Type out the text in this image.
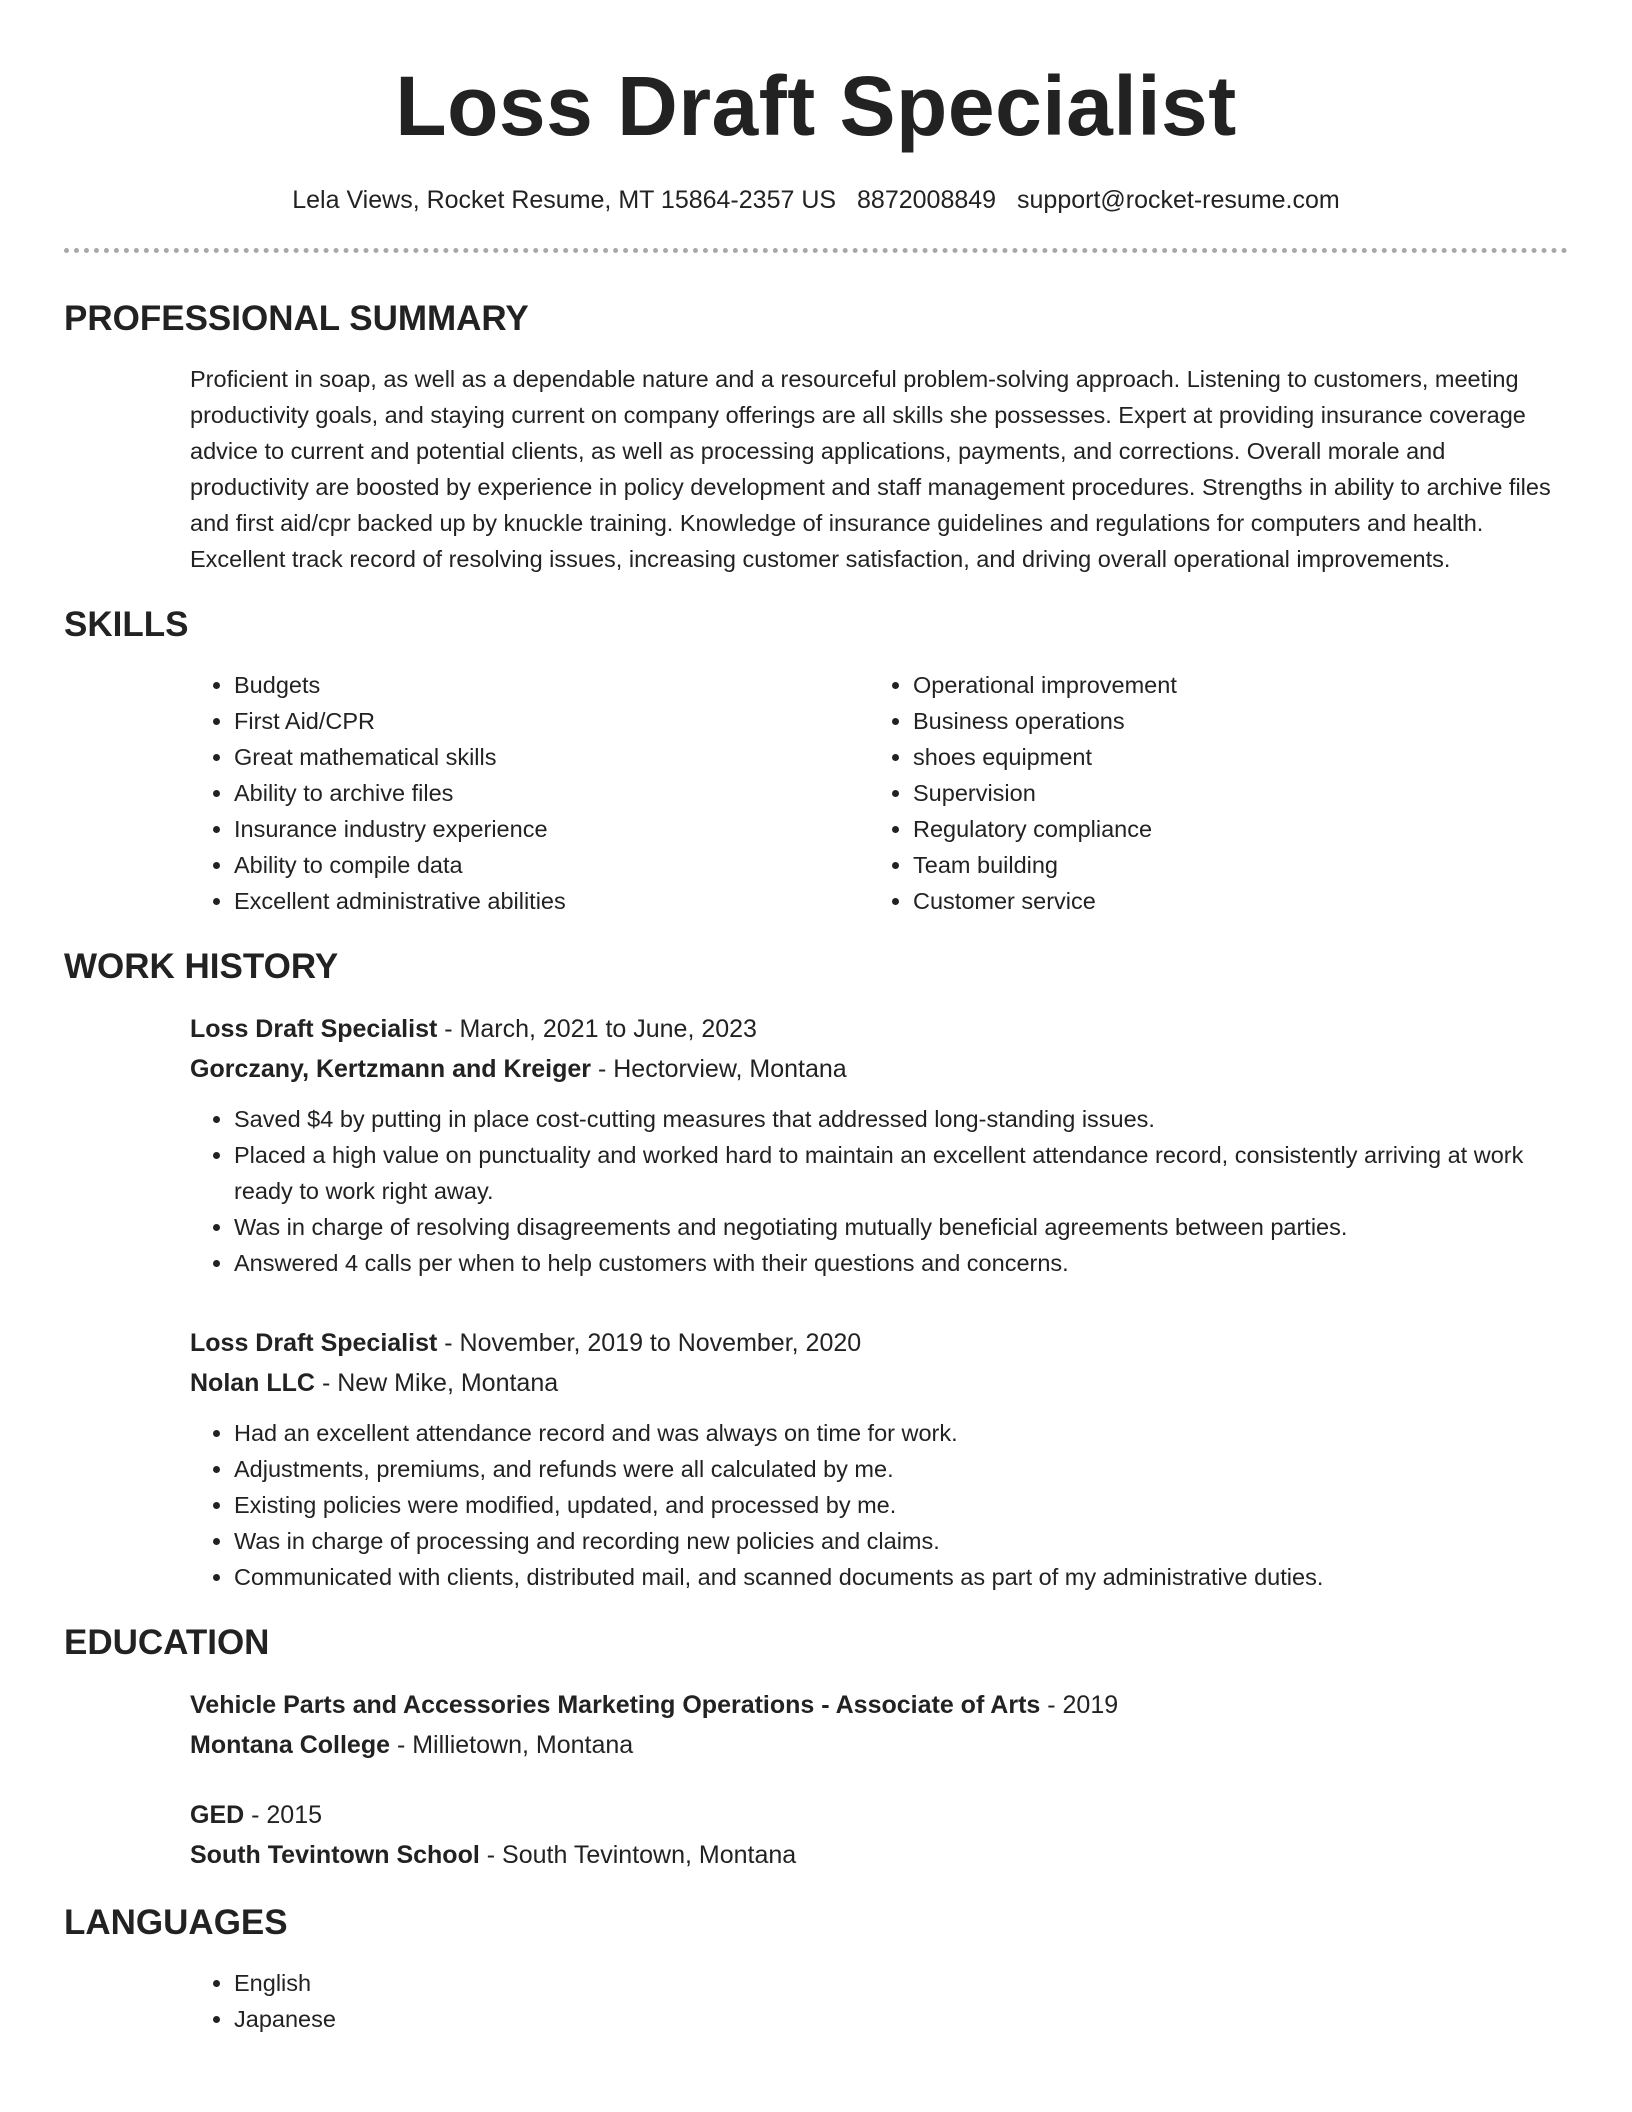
Loss Draft Specialist
Lela Views, Rocket Resume, MT 15864-2357 US 8872008849 support@rocket-resume.com
PROFESSIONAL SUMMARY
Proficient in soap, as well as a dependable nature and a resourceful problem-solving approach. Listening to customers, meeting productivity goals, and staying current on company offerings are all skills she possesses. Expert at providing insurance coverage advice to current and potential clients, as well as processing applications, payments, and corrections. Overall morale and productivity are boosted by experience in policy development and staff management procedures. Strengths in ability to archive files and first aid/cpr backed up by knuckle training. Knowledge of insurance guidelines and regulations for computers and health. Excellent track record of resolving issues, increasing customer satisfaction, and driving overall operational improvements.
SKILLS
• Budgets
• First Aid/CPR
• Great mathematical skills
• Ability to archive files
• Insurance industry experience
• Ability to compile data
• Excellent administrative abilities
• Operational improvement
• Business operations
• shoes equipment
• Supervision
• Regulatory compliance
• Team building
• Customer service
WORK HISTORY
Loss Draft Specialist - March, 2021 to June, 2023
Gorczany, Kertzmann and Kreiger - Hectorview, Montana
• Saved $4 by putting in place cost-cutting measures that addressed long-standing issues.
• Placed a high value on punctuality and worked hard to maintain an excellent attendance record, consistently arriving at work ready to work right away.
• Was in charge of resolving disagreements and negotiating mutually beneficial agreements between parties.
• Answered 4 calls per when to help customers with their questions and concerns.
Loss Draft Specialist - November, 2019 to November, 2020
Nolan LLC - New Mike, Montana
• Had an excellent attendance record and was always on time for work.
• Adjustments, premiums, and refunds were all calculated by me.
• Existing policies were modified, updated, and processed by me.
• Was in charge of processing and recording new policies and claims.
• Communicated with clients, distributed mail, and scanned documents as part of my administrative duties.
EDUCATION
Vehicle Parts and Accessories Marketing Operations - Associate of Arts - 2019
Montana College - Millietown, Montana
GED - 2015
South Tevintown School - South Tevintown, Montana
LANGUAGES
• English
• Japanese
